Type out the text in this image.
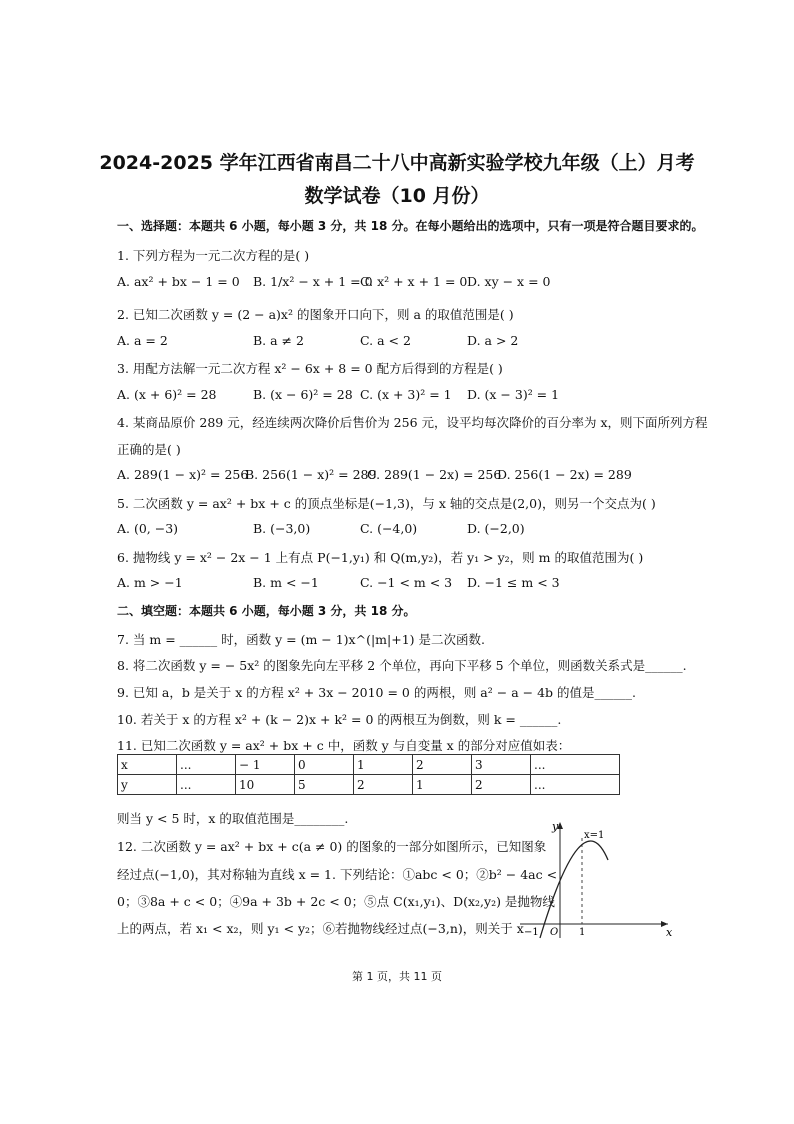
2024-2025 学年江西省南昌二十八中高新实验学校九年级（上）月考
数学试卷（10 月份）
一、选择题：本题共 6 小题，每小题 3 分，共 18 分。在每小题给出的选项中，只有一项是符合题目要求的。
1. 下列方程为一元二次方程的是( )
A. ax² + bx − 1 = 0 B. 1/x² − x + 1 = 0
C. x² + x + 1 = 0 D. xy − x = 0
2. 已知二次函数 y = (2 − a)x² 的图象开口向下，则 a 的取值范围是( )
A. a = 2	B. a ≠ 2	C. a < 2	D. a > 2
3. 用配方法解一元二次方程 x² − 6x + 8 = 0 配方后得到的方程是( )
A. (x + 6)² = 28	B. (x − 6)² = 28 C. (x + 3)² = 1 D. (x − 3)² = 1
4. 某商品原价 289 元，经连续两次降价后售价为 256 元，设平均每次降价的百分率为 x，则下面所列方程
正确的是( )
A. 289(1 − x)² = 256
B. 256(1 − x)² = 289
C. 289(1 − 2x) = 256
D. 256(1 − 2x) = 289
5. 二次函数 y = ax² + bx + c 的顶点坐标是(−1,3)，与 x 轴的交点是(2,0)，则另一个交点为( )
A. (0, −3)	B. (−3,0)	C. (−4,0)	D. (−2,0)
6. 抛物线 y = x² − 2x − 1 上有点 P(−1,y₁) 和 Q(m,y₂)，若 y₁ > y₂，则 m 的取值范围为( )
A. m > −1	B. m < −1	C. −1 < m < 3 D. −1 ≤ m < 3
二、填空题：本题共 6 小题，每小题 3 分，共 18 分。
7. 当 m = ______ 时，函数 y = (m − 1)x^(|m|+1) 是二次函数.
8. 将二次函数 y = − 5x² 的图象先向左平移 2 个单位，再向下平移 5 个单位，则函数关系式是______.
9. 已知 a，b 是关于 x 的方程 x² + 3x − 2010 = 0 的两根，则 a² − a − 4b 的值是______.
10. 若关于 x 的方程 x² + (k − 2)x + k² = 0 的两根互为倒数，则 k = ______.
11. 已知二次函数 y = ax² + bx + c 中，函数 y 与自变量 x 的部分对应值如表：
x	...	− 1	0	1	2	3	...
y	...	10	5	2	1	2	...
则当 y < 5 时，x 的取值范围是________.
12. 二次函数 y = ax² + bx + c(a ≠ 0) 的图象的一部分如图所示，已知图象
经过点(−1,0)，其对称轴为直线 x = 1. 下列结论：①abc < 0；②b² − 4ac <
0；③8a + c < 0；④9a + 3b + 2c < 0；⑤点 C(x₁,y₁)、D(x₂,y₂) 是抛物线
上的两点，若 x₁ < x₂，则 y₁ < y₂；⑥若抛物线经过点(−3,n)，则关于 x
y
x
O
x=1
−1	1
第 1 页，共 11 页
